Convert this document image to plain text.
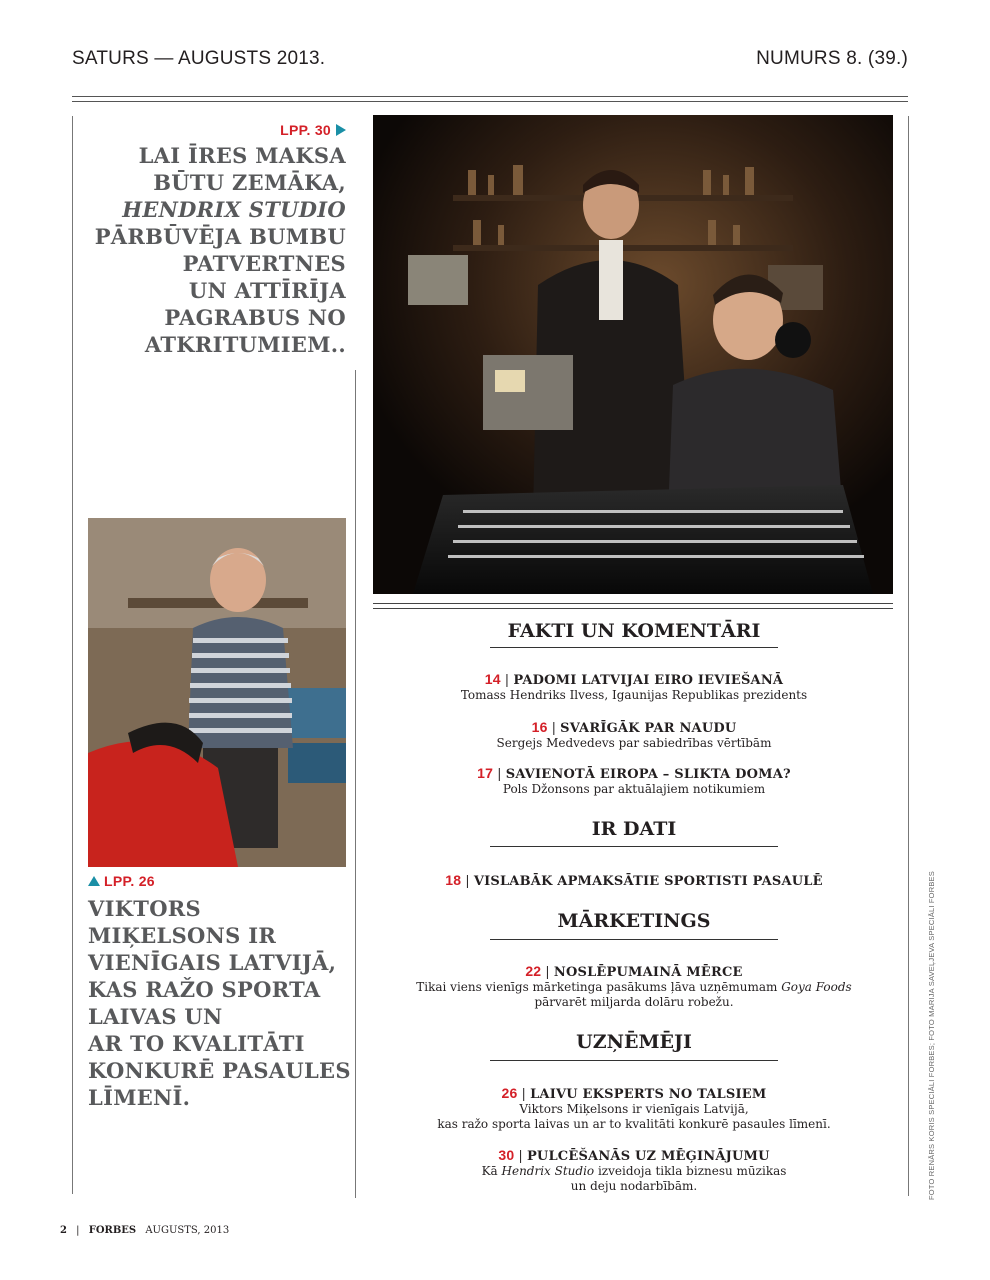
SATURS — AUGUSTS 2013.	NUMURS 8. (39.)
LPP. 30
LAI ĪRES MAKSA
BŪTU ZEMĀKA,
HENDRIX STUDIO
PĀRBŪVĒJA BUMBU
PATVERTNES
UN ATTĪRĪJA
PAGRABUS NO
ATKRITUMIEM..
LPP. 26
VIKTORS
MIĶELSONS IR
VIENĪGAIS LATVIJĀ,
KAS RAŽO SPORTA
LAIVAS UN
AR TO KVALITĀTI
KONKURĒ PASAULES
LĪMENĪ.
FAKTI UN KOMENTĀRI
14 | PADOMI LATVIJAI EIRO IEVIEŠANĀ
Tomass Hendriks Ilvess, Igaunijas Republikas prezidents
16 | SVARĪGĀK PAR NAUDU
Sergejs Medvedevs par sabiedrības vērtībām
17 | SAVIENOTĀ EIROPA – SLIKTA DOMA?
Pols Džonsons par aktuālajiem notikumiem
IR DATI
18 | VISLABĀK APMAKSĀTIE SPORTISTI PASAULĒ
MĀRKETINGS
22 | NOSLĒPUMAINĀ MĒRCE
Tikai viens vienīgs mārketinga pasākums ļāva uzņēmumam Goya Foods
pārvarēt miljarda dolāru robežu.
UZŅĒMĒJI
26 | LAIVU EKSPERTS NO TALSIEM
Viktors Miķelsons ir vienīgais Latvijā,
kas ražo sporta laivas un ar to kvalitāti konkurē pasaules līmenī.
30 | PULCĒŠANĀS UZ MĒĢINĀJUMU
Kā Hendrix Studio izveidoja tikla biznesu mūzikas
un deju nodarbībām.	FOTO RENĀRS KORIS SPECIĀLI FORBES; FOTO MARIJA SAVEĻJEVA SPECIĀLI FORBES
2 | FORBES AUGUSTS, 2013
